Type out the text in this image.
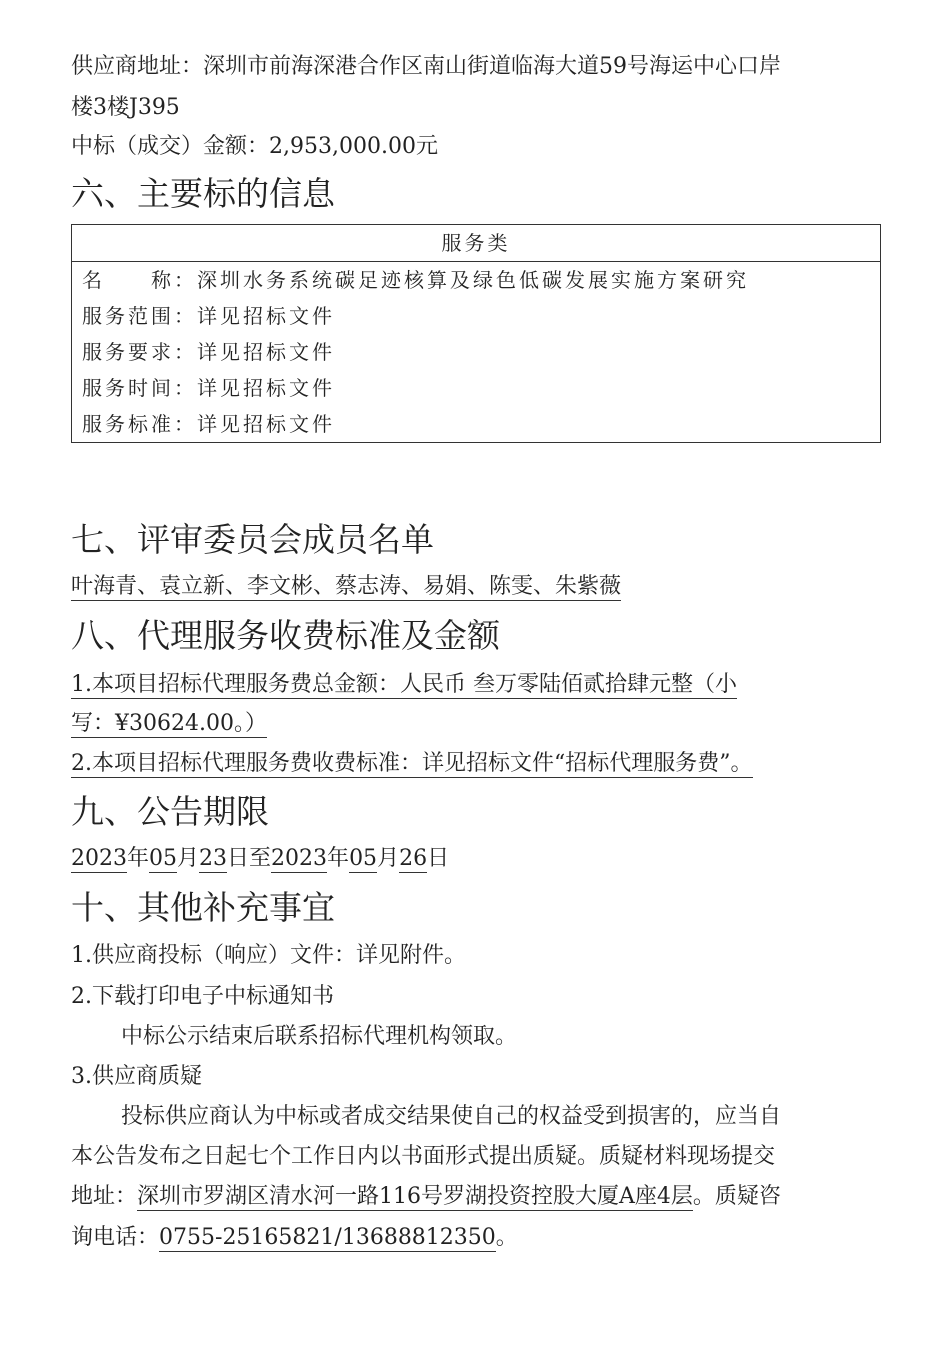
供应商地址：深圳市前海深港合作区南山街道临海大道59号海运中心口岸
楼3楼J395
中标（成交）金额：2,953,000.00元
六、主要标的信息
服务类
名　　称：深圳水务系统碳足迹核算及绿色低碳发展实施方案研究
服务范围：详见招标文件
服务要求：详见招标文件
服务时间：详见招标文件
服务标准：详见招标文件
七、评审委员会成员名单
叶海青、袁立新、李文彬、蔡志涛、易娟、陈雯、朱紫薇
八、代理服务收费标准及金额
1.本项目招标代理服务费总金额：人民币 叁万零陆佰贰拾肆元整（小
写：¥30624.00。）
2.本项目招标代理服务费收费标准：详见招标文件“招标代理服务费”。
九、公告期限
2023年05月23日至2023年05月26日
十、其他补充事宜
1.供应商投标（响应）文件：详见附件。
2.下载打印电子中标通知书
中标公示结束后联系招标代理机构领取。
3.供应商质疑
投标供应商认为中标或者成交结果使自己的权益受到损害的，应当自
本公告发布之日起七个工作日内以书面形式提出质疑。质疑材料现场提交
地址：深圳市罗湖区清水河一路116号罗湖投资控股大厦A座4层。质疑咨
询电话：0755-25165821/13688812350。
